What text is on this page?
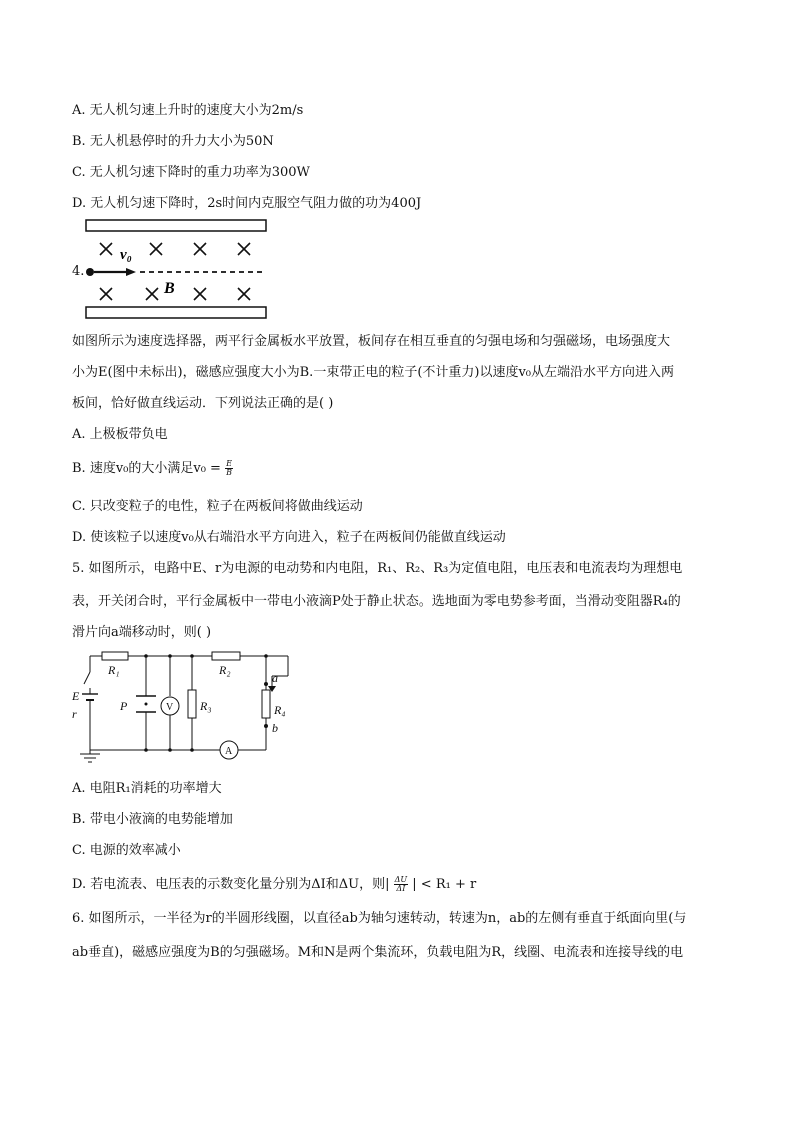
A. 无人机匀速上升时的速度大小为2m/s
B. 无人机悬停时的升力大小为50N
C. 无人机匀速下降时的重力功率为300W
D. 无人机匀速下降时，2s时间内克服空气阻力做的功为400J
4.
v₀
B
如图所示为速度选择器，两平行金属板水平放置，板间存在相互垂直的匀强电场和匀强磁场，电场强度大
小为E(图中未标出)，磁感应强度大小为B.一束带正电的粒子(不计重力)以速度v₀从左端沿水平方向进入两
板间，恰好做直线运动．下列说法正确的是( )
A. 上极板带负电
B. 速度v₀的大小满足$v_0 = \frac{E}{B}$
C. 只改变粒子的电性，粒子在两板间将做曲线运动
D. 使该粒子以速度v₀从右端沿水平方向进入，粒子在两板间仍能做直线运动
5. 如图所示，电路中E、r为电源的电动势和内电阻，R₁、R₂、R₃为定值电阻，电压表和电流表均为理想电
表，开关闭合时，平行金属板中一带电小液滴P处于静止状态。选地面为零电势参考面，当滑动变阻器R₄的
滑片向a端移动时，则( )
R₁	R₂
R₃	R₄
E
r
P	V
A
a
b
A. 电阻R₁消耗的功率增大
B. 带电小液滴的电势能增加
C. 电源的效率减小
D. 若电流表、电压表的示数变化量分别为ΔI和ΔU，则| $\frac{\Delta U}{\Delta I}$ | < R₁ + r
6. 如图所示，一半径为r的半圆形线圈，以直径ab为轴匀速转动，转速为n，ab的左侧有垂直于纸面向里(与
ab垂直)，磁感应强度为B的匀强磁场。M和N是两个集流环，负载电阻为R，线圈、电流表和连接导线的电
